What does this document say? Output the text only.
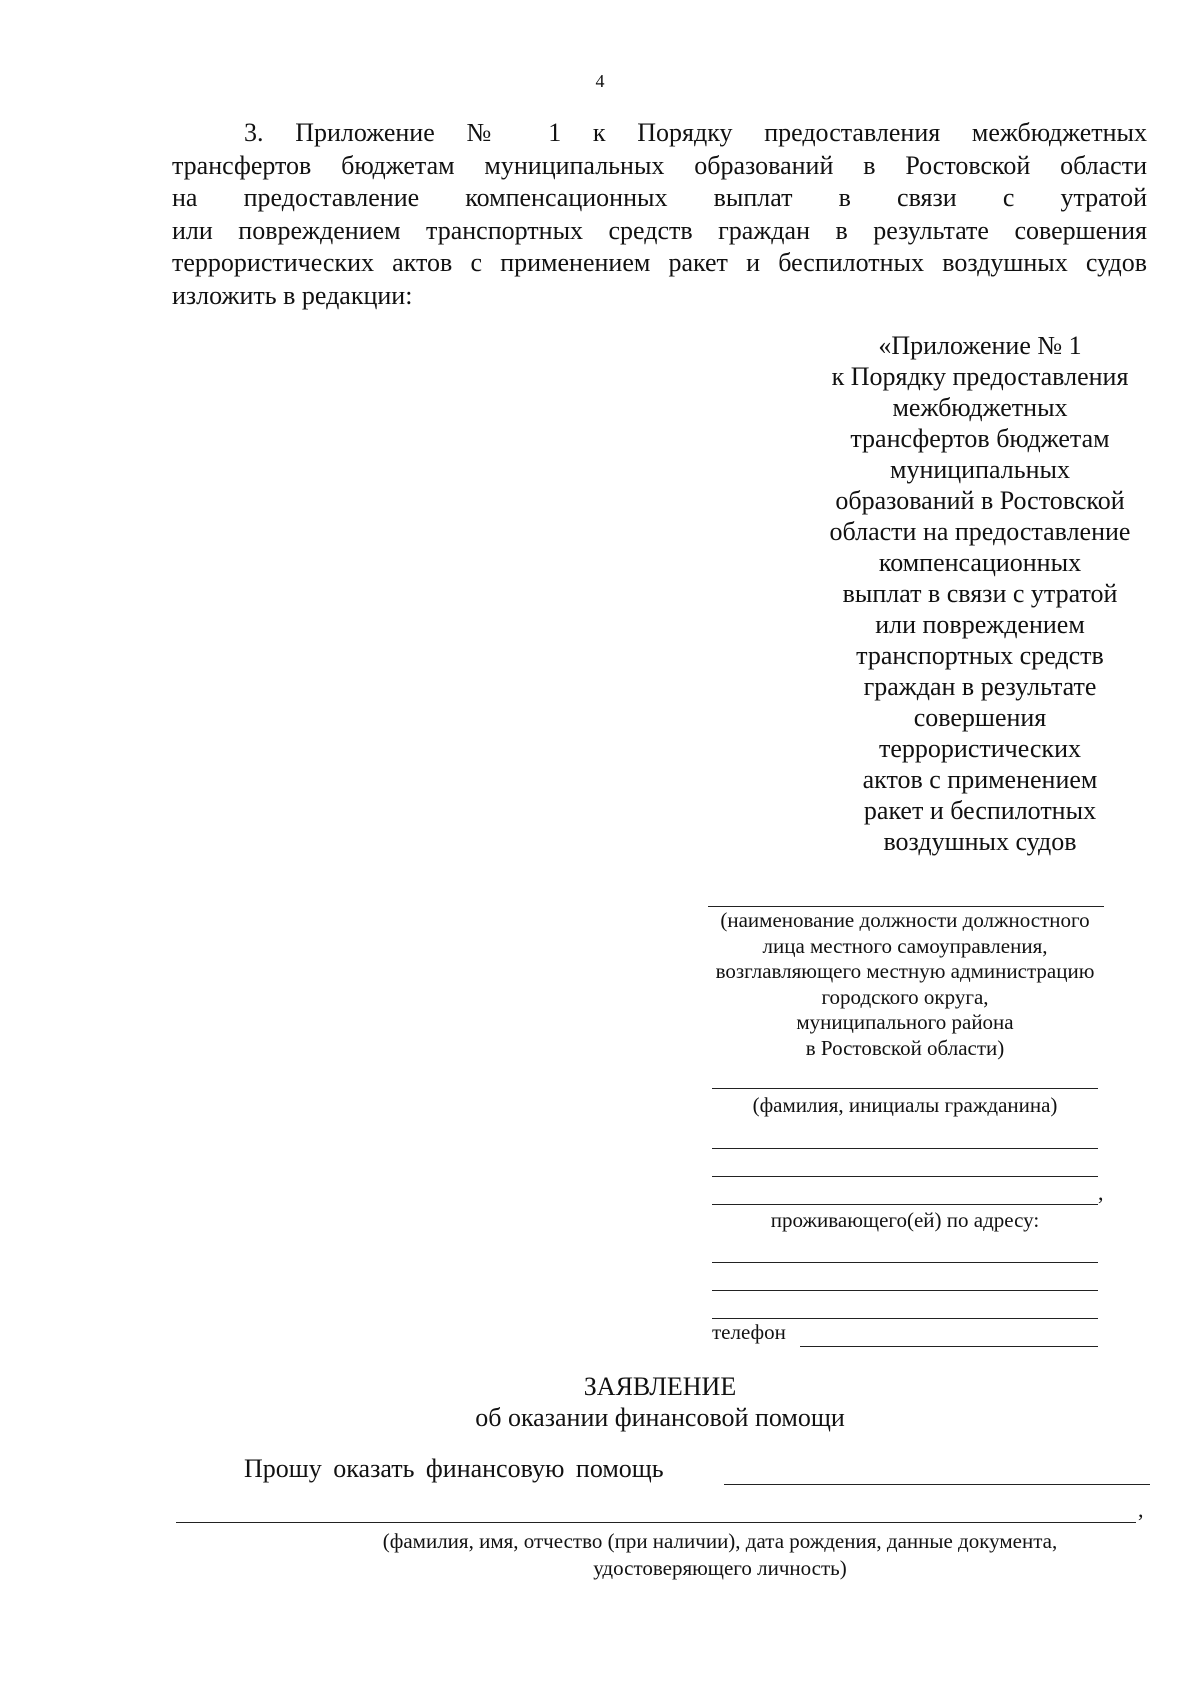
4
3. Приложение № 1 к Порядку предоставления межбюджетных
трансфертов бюджетам муниципальных образований в Ростовской области
на предоставление компенсационных выплат в связи с утратой
или повреждением транспортных средств граждан в результате совершения
террористических актов с применением ракет и беспилотных воздушных судов
изложить в редакции:
«Приложение № 1
к Порядку предоставления
межбюджетных
трансфертов бюджетам
муниципальных
образований в Ростовской
области на предоставление
компенсационных
выплат в связи с утратой
или повреждением
транспортных средств
граждан в результате
совершения
террористических
актов с применением
ракет и беспилотных
воздушных судов
(наименование должности должностного
лица местного самоуправления,
возглавляющего местную администрацию
городского округа,
муниципального района
в Ростовской области)
(фамилия, инициалы гражданина)
,
проживающего(ей) по адресу:
телефон
ЗАЯВЛЕНИЕ
об оказании финансовой помощи
Прошу оказать финансовую помощь
,
(фамилия, имя, отчество (при наличии), дата рождения, данные документа,
удостоверяющего личность)
